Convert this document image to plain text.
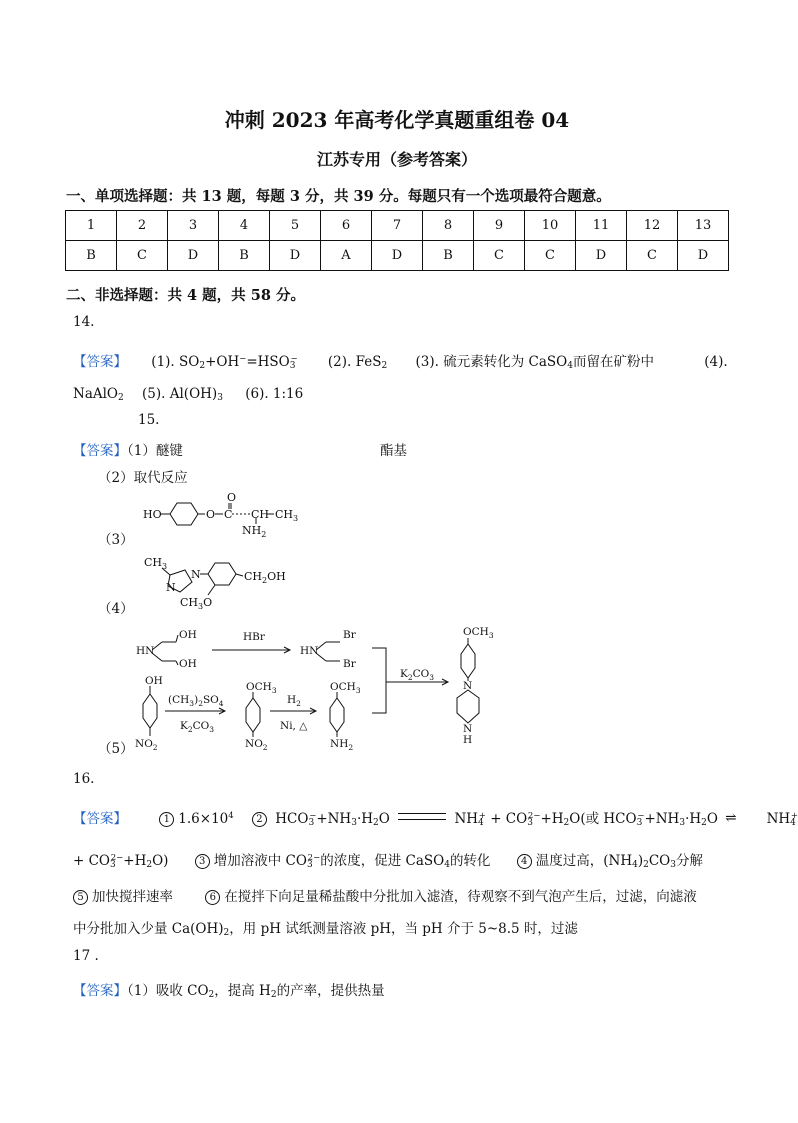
冲刺 2023 年高考化学真题重组卷 04
江苏专用（参考答案）
一、单项选择题：共 13 题，每题 3 分，共 39 分。每题只有一个选项最符合题意。
1	2	3	4	5	6	7	8	9	10	11	12	13
B	C	D	B	D	A	D	B	C	C	D	C	D
二、非选择题：共 4 题，共 58 分。
14.
【答案】 (1). $SO_2+OH^-=HSO_3^-$ (2). FeS$_2$ (3). 硫元素转化为 CaSO$_4$而留在矿粉中	(4).
NaAlO$_2$ (5). $Al(OH)_3$ (6). 1:16
15.
【答案】（1）醚键	酯基
（2）取代反应
（3）
（4）
（5）
HO	O
O
C CH $CH_3$
$NH_2$
$CH_3$
N
N	$CH_2OH$
$CH_3O$
HN
OH
OH
HBr
HN
Br
Br
$K_2CO_3$
OH
$(CH_3)_2SO_4$
$K_2CO_3$
$NO_2$
$OCH_3$
$NO_2$
$H_2$
Ni, △
$OCH_3$
$NH_2$
$OCH_3$
N
N
H
16.
【答案】	1 $1.6\times 10^4$ 2 $HCO_3^-+NH_3\cdot H_2O$	$NH_4^+ + CO_3^{2-}+H_2O$(或 $HCO_3^-+NH_3\cdot H_2O$ ⇌ $NH_4^+$
+ $CO_3^{2-}+H_2O$)	3 增加溶液中 $CO_3^{2-}$的浓度，促进 CaSO$_4$的转化	4 温度过高，$(NH_4)_2CO_3$分解
5 加快搅拌速率	6 在搅拌下向足量稀盐酸中分批加入滤渣，待观察不到气泡产生后，过滤，向滤液
中分批加入少量 $Ca(OH)_2$，用 pH 试纸测量溶液 pH，当 pH 介于 5~8.5 时，过滤
17 .
【答案】（1）吸收 $CO_2$，提高 $H_2$的产率，提供热量
